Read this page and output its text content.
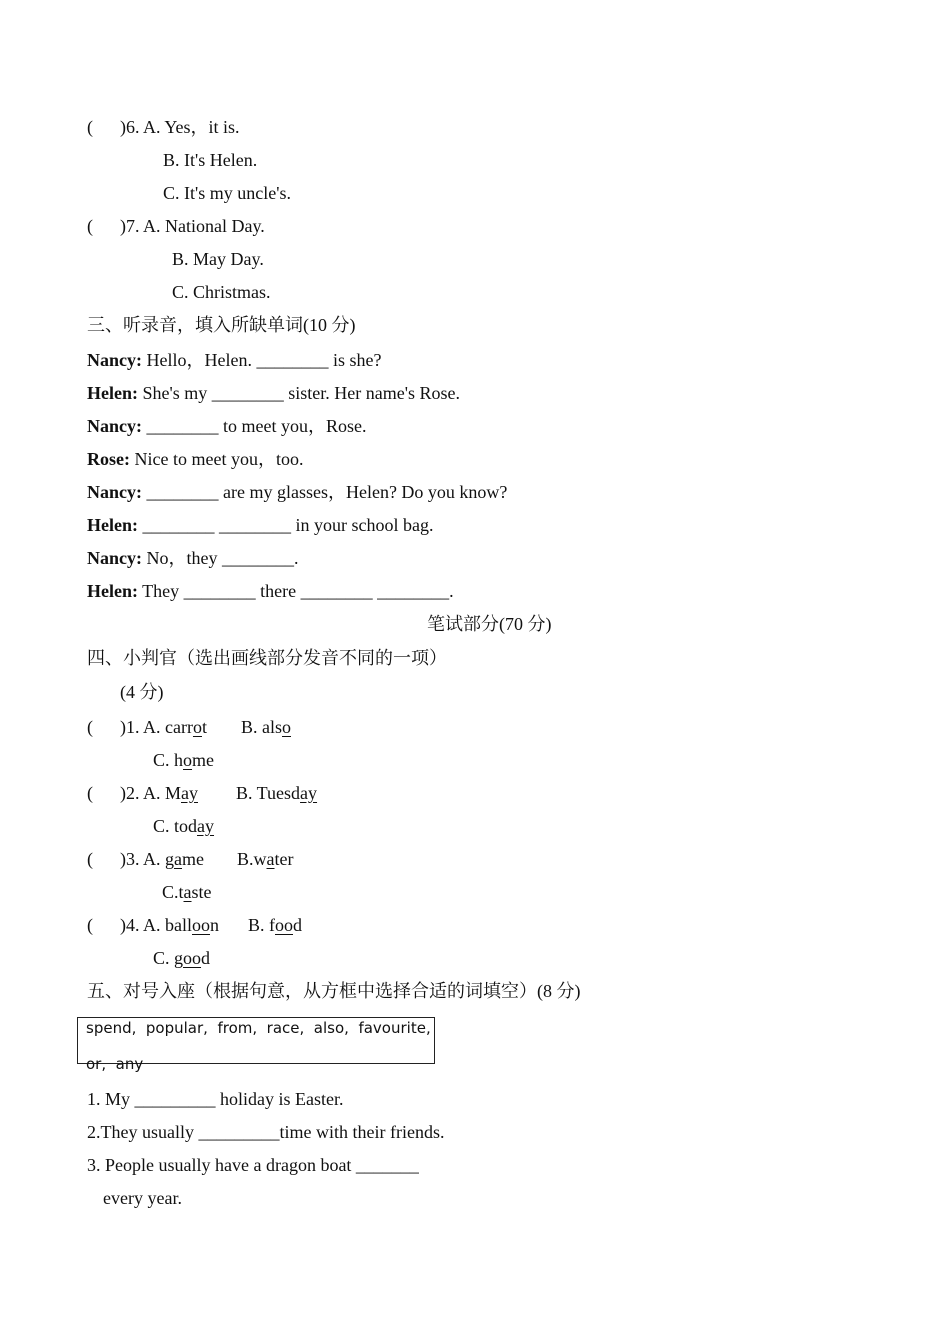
(      )6. A. Yes，it is.
B. It's Helen.
C. It's my uncle's.
(      )7. A. National Day.
B. May Day.
C. Christmas.
三、听录音，填入所缺单词(10 分)
Nancy: Hello，Helen. ________ is she?
Helen: She's my ________ sister. Her name's Rose.
Nancy: ________ to meet you，Rose.
Rose: Nice to meet you，too.
Nancy: ________ are my glasses，Helen? Do you know?
Helen: ________ ________ in your school bag.
Nancy: No，they ________.
Helen: They ________ there ________ ________.
笔试部分(70 分)
四、小判官（选出画线部分发音不同的一项）
(4 分)
(      )1. A. carrot B. also
C. home
(      )2. A. May B. Tuesday
C. today
(      )3. A. game B.water
C.taste
(      )4. A. balloon B. food
C. good
五、对号入座（根据句意，从方框中选择合适的词填空）(8 分)
spend,  popular,  from,  race,  also,  favourite,
or,  any
1. My _________ holiday is Easter.
2.They usually _________time with their friends.
3. People usually have a dragon boat _______
every year.
